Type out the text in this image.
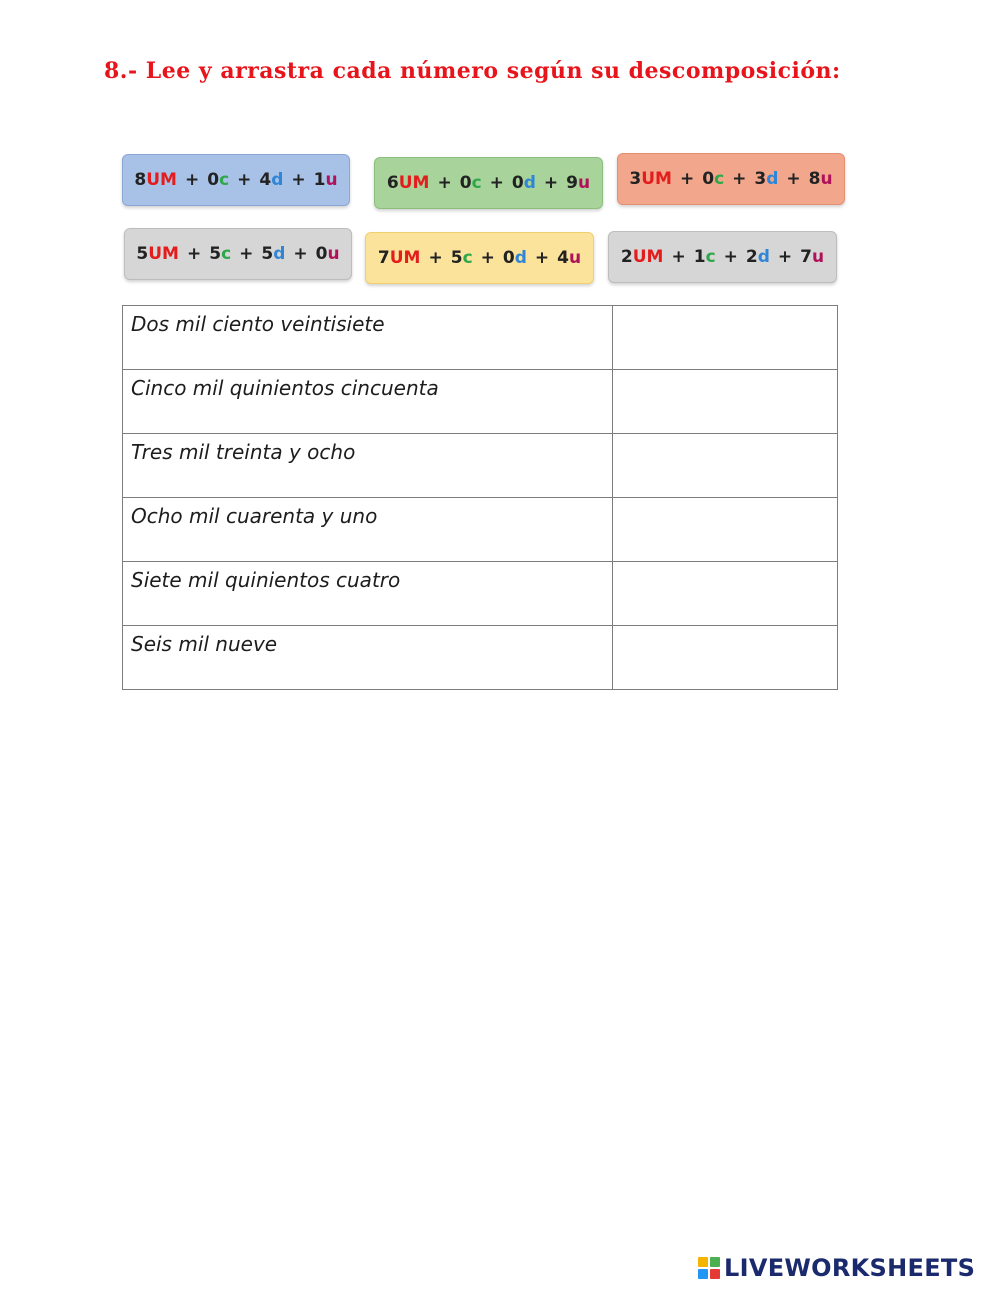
8.- Lee y arrastra cada número según su descomposición:
8UM + 0c + 4d + 1u	6UM + 0c + 0d + 9u 3UM + 0c + 3d + 8u
5UM + 5c + 5d + 0u 7UM + 5c + 0d + 4u 2UM + 1c + 2d + 7u
Dos mil ciento veintisiete	
Cinco mil quinientos cincuenta	
Tres mil treinta y ocho	
Ocho mil cuarenta y uno	
Siete mil quinientos cuatro	
Seis mil nueve	
LIVEWORKSHEETS
